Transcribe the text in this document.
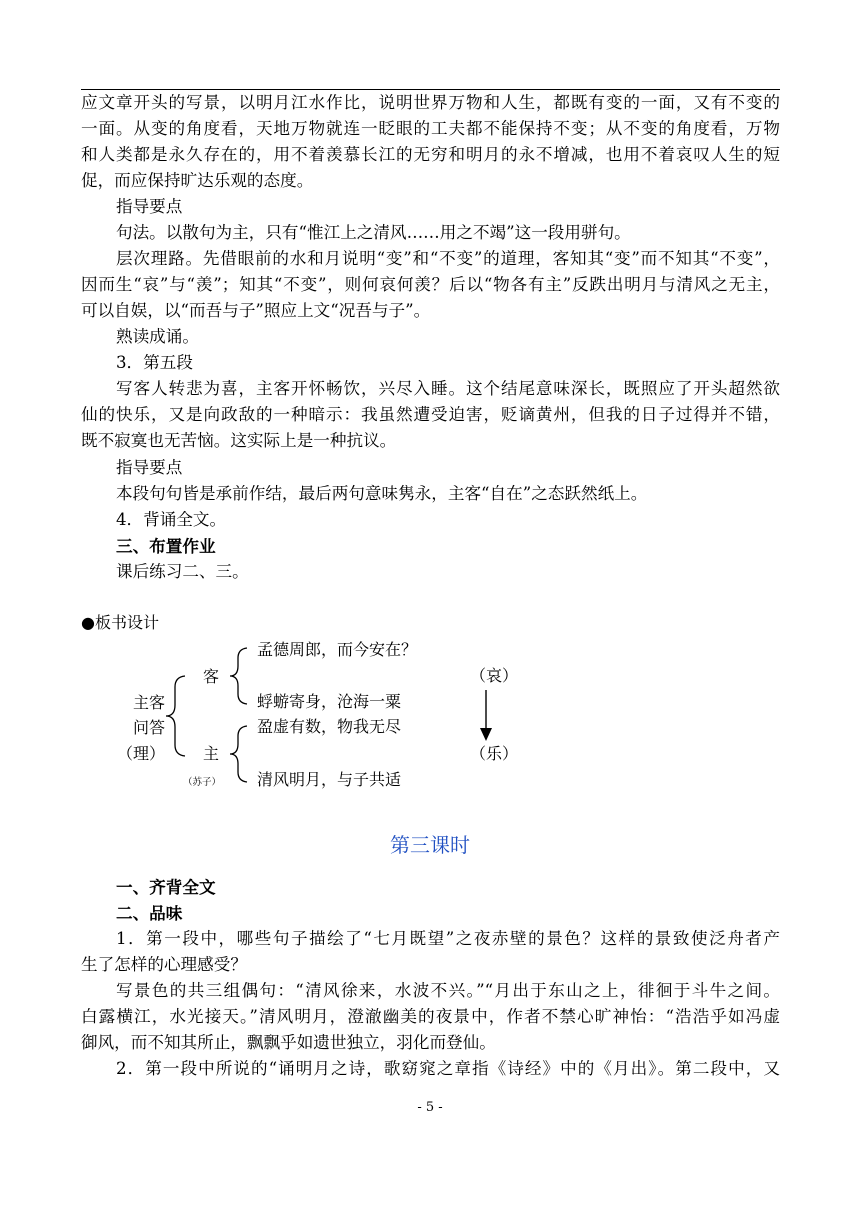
应文章开头的写景，以明月江水作比，说明世界万物和人生，都既有变的一面，又有不变的
一面。从变的角度看，天地万物就连一眨眼的工夫都不能保持不变；从不变的角度看，万物
和人类都是永久存在的，用不着羡慕长江的无穷和明月的永不增减，也用不着哀叹人生的短
促，而应保持旷达乐观的态度。
指导要点
句法。以散句为主，只有“惟江上之清风……用之不竭”这一段用骈句。
层次理路。先借眼前的水和月说明“变”和“不变”的道理，客知其“变”而不知其“不变”，
因而生“哀”与“羡”；知其“不变”，则何哀何羡？后以“物各有主”反跌出明月与清风之无主，
可以自娱，以“而吾与子”照应上文“况吾与子”。
熟读成诵。
3．第五段
写客人转悲为喜，主客开怀畅饮，兴尽入睡。这个结尾意味深长，既照应了开头超然欲
仙的快乐，又是向政敌的一种暗示：我虽然遭受迫害，贬谪黄州，但我的日子过得并不错，
既不寂寞也无苦恼。这实际上是一种抗议。
指导要点
本段句句皆是承前作结，最后两句意味隽永，主客“自在”之态跃然纸上。
4．背诵全文。
三、布置作业
课后练习二、三。
●板书设计
主客
问答
（理）
客
主
（苏子）
孟德周郎，而今安在？
蜉蝣寄身，沧海一粟
盈虚有数，物我无尽
清风明月，与子共适
（哀）
（乐）
第三课时
一、齐背全文
二、品味
1．第一段中，哪些句子描绘了“七月既望”之夜赤壁的景色？这样的景致使泛舟者产
生了怎样的心理感受？
写景色的共三组偶句：“清风徐来，水波不兴。”“月出于东山之上，徘徊于斗牛之间。
白露横江，水光接天。”清风明月，澄澈幽美的夜景中，作者不禁心旷神怡：“浩浩乎如冯虚
御风，而不知其所止，飘飘乎如遗世独立，羽化而登仙。
2．第一段中所说的“诵明月之诗，歌窈窕之章指《诗经》中的《月出》。第二段中，又
- 5 -
